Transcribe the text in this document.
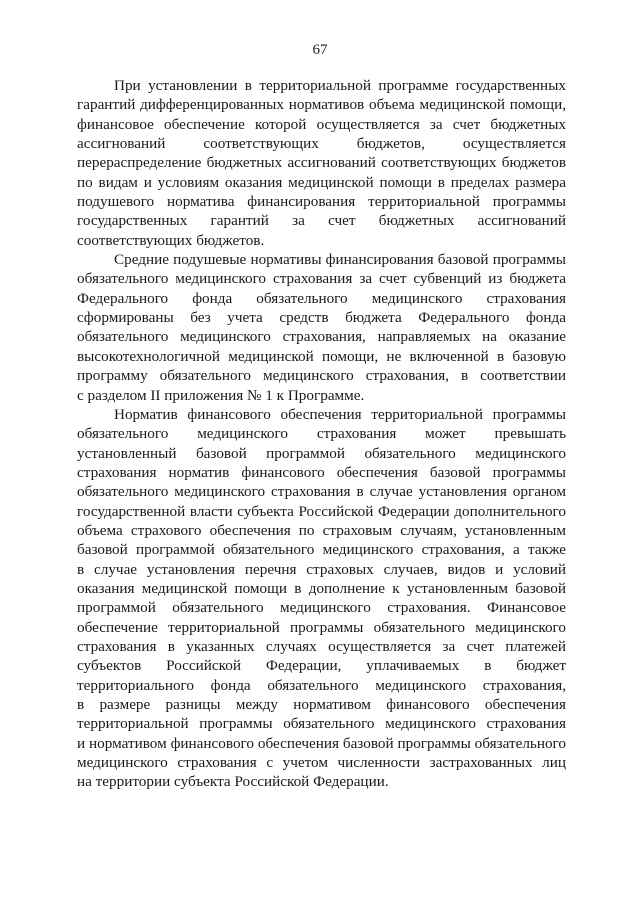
67

При установлении в территориальной программе государственных
гарантий дифференцированных нормативов объема медицинской помощи,
финансовое обеспечение которой осуществляется за счет бюджетных
ассигнований соответствующих бюджетов, осуществляется
перераспределение бюджетных ассигнований соответствующих бюджетов
по видам и условиям оказания медицинской помощи в пределах размера
подушевого норматива финансирования территориальной программы
государственных гарантий за счет бюджетных ассигнований
соответствующих бюджетов.

Средние подушевые нормативы финансирования базовой программы
обязательного медицинского страхования за счет субвенций из бюджета
Федерального фонда обязательного медицинского страхования
сформированы без учета средств бюджета Федерального фонда
обязательного медицинского страхования, направляемых на оказание
высокотехнологичной медицинской помощи, не включенной в базовую
программу обязательного медицинского страхования, в соответствии
с разделом II приложения № 1 к Программе.

Норматив финансового обеспечения территориальной программы
обязательного медицинского страхования может превышать
установленный базовой программой обязательного медицинского
страхования норматив финансового обеспечения базовой программы
обязательного медицинского страхования в случае установления органом
государственной власти субъекта Российской Федерации дополнительного
объема страхового обеспечения по страховым случаям, установленным
базовой программой обязательного медицинского страхования, а также
в случае установления перечня страховых случаев, видов и условий
оказания медицинской помощи в дополнение к установленным базовой
программой обязательного медицинского страхования. Финансовое
обеспечение территориальной программы обязательного медицинского
страхования в указанных случаях осуществляется за счет платежей
субъектов Российской Федерации, уплачиваемых в бюджет
территориального фонда обязательного медицинского страхования,
в размере разницы между нормативом финансового обеспечения
территориальной программы обязательного медицинского страхования
и нормативом финансового обеспечения базовой программы обязательного
медицинского страхования с учетом численности застрахованных лиц
на территории субъекта Российской Федерации.
